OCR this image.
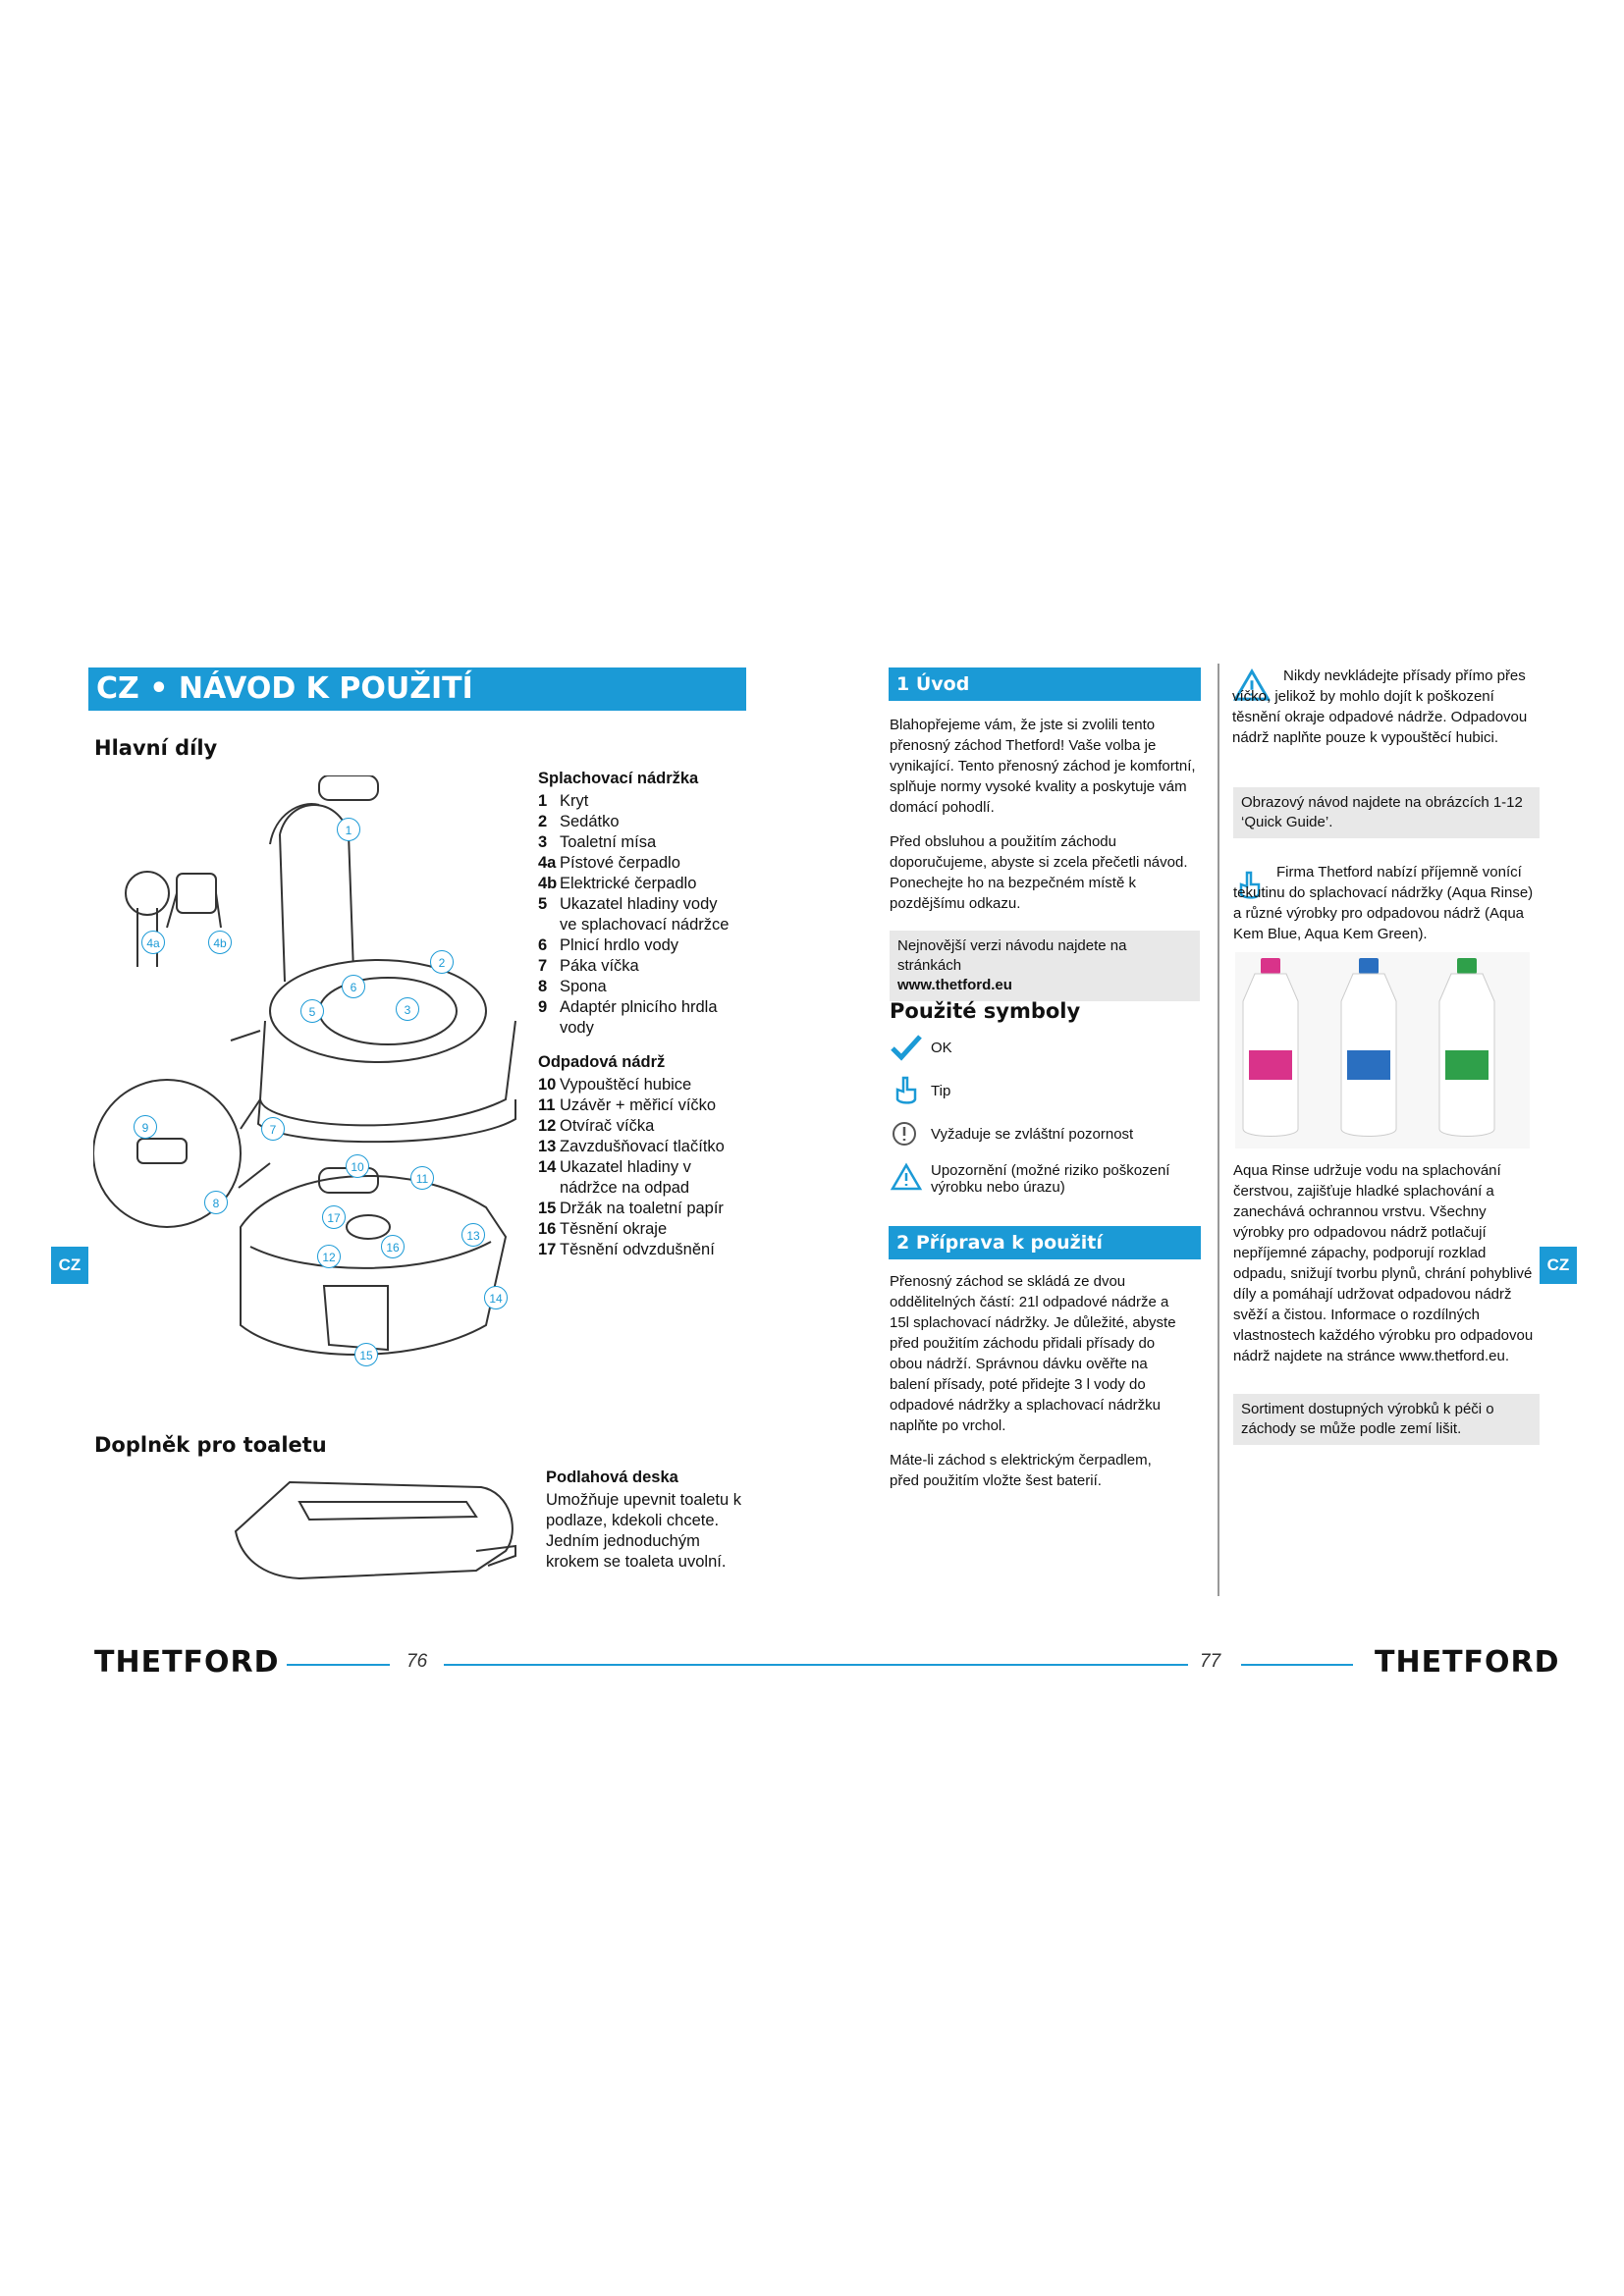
CZ • NÁVOD K POUŽITÍ
Hlavní díly
1
2
3
4a	4b
5
6
7
8
9
10
11
12
13
14
15
16
17
Splachovací nádržka
1 Kryt
2 Sedátko
3 Toaletní mísa
4a Pístové čerpadlo
4b Elektrické čerpadlo
5 Ukazatel hladiny vody ve splachovací nádržce
6 Plnicí hrdlo vody
7 Páka víčka
8 Spona
9 Adaptér plnicího hrdla vody
Odpadová nádrž
10 Vypouštěcí hubice
11 Uzávěr + měřicí víčko
12 Otvírač víčka
13 Zavzdušňovací tlačítko
14 Ukazatel hladiny v nádržce na odpad
15 Držák na toaletní papír
16 Těsnění okraje
17 Těsnění odvzdušnění
CZ
Doplněk pro toaletu
Podlahová deska
Umožňuje upevnit toaletu k podlaze, kdekoli chcete. Jedním jednoduchým krokem se toaleta uvolní.
1 Úvod

Blahopřejeme vám, že jste si zvolili tento přenosný záchod Thetford! Vaše volba je vynikající. Tento přenosný záchod je komfortní, splňuje normy vysoké kvality a poskytuje vám domácí pohodlí.

Před obsluhou a použitím záchodu doporučujeme, abyste si zcela přečetli návod. Ponechejte ho na bezpečném místě k pozdějšímu odkazu.

Nejnovější verzi návodu najdete na stránkách
www.thetford.eu
Použité symboly
OK
Tip
Vyžaduje se zvláštní pozornost
Upozornění (možné riziko poškození výrobku nebo úrazu)
2 Příprava k použití

Přenosný záchod se skládá ze dvou oddělitelných částí: 21l odpadové nádrže a 15l splachovací nádržky. Je důležité, abyste před použitím záchodu přidali přísady do obou nádrží. Správnou dávku ověřte na balení přísady, poté přidejte 3 l vody do odpadové nádržky a splachovací nádržku naplňte po vrchol.

Máte-li záchod s elektrickým čerpadlem, před použitím vložte šest baterií.

Nikdy nevkládejte přísady přímo přes víčko, jelikož by mohlo dojít k poškození těsnění okraje odpadové nádrže. Odpadovou nádrž naplňte pouze k vypouštěcí hubici.
Obrazový návod najdete na obrázcích 1-12 ‘Quick Guide’.
Firma Thetford nabízí příjemně vonící tekutinu do splachovací nádržky (Aqua Rinse) a různé výrobky pro odpadovou nádrž (Aqua Kem Blue, Aqua Kem Green).
Aqua Rinse udržuje vodu na splachování čerstvou, zajišťuje hladké splachování a zanechává ochrannou vrstvu. Všechny výrobky pro odpadovou nádrž potlačují nepříjemné zápachy, podporují rozklad odpadu, snižují tvorbu plynů, chrání pohyblivé díly a pomáhají udržovat odpadovou nádrž svěží a čistou. Informace o rozdílných vlastnostech každého výrobku pro odpadovou nádrž najdete na stránce www.thetford.eu.
Sortiment dostupných výrobků k péči o záchody se může podle zemí lišit.
CZ
THETFORD	76	77	THETFORD
